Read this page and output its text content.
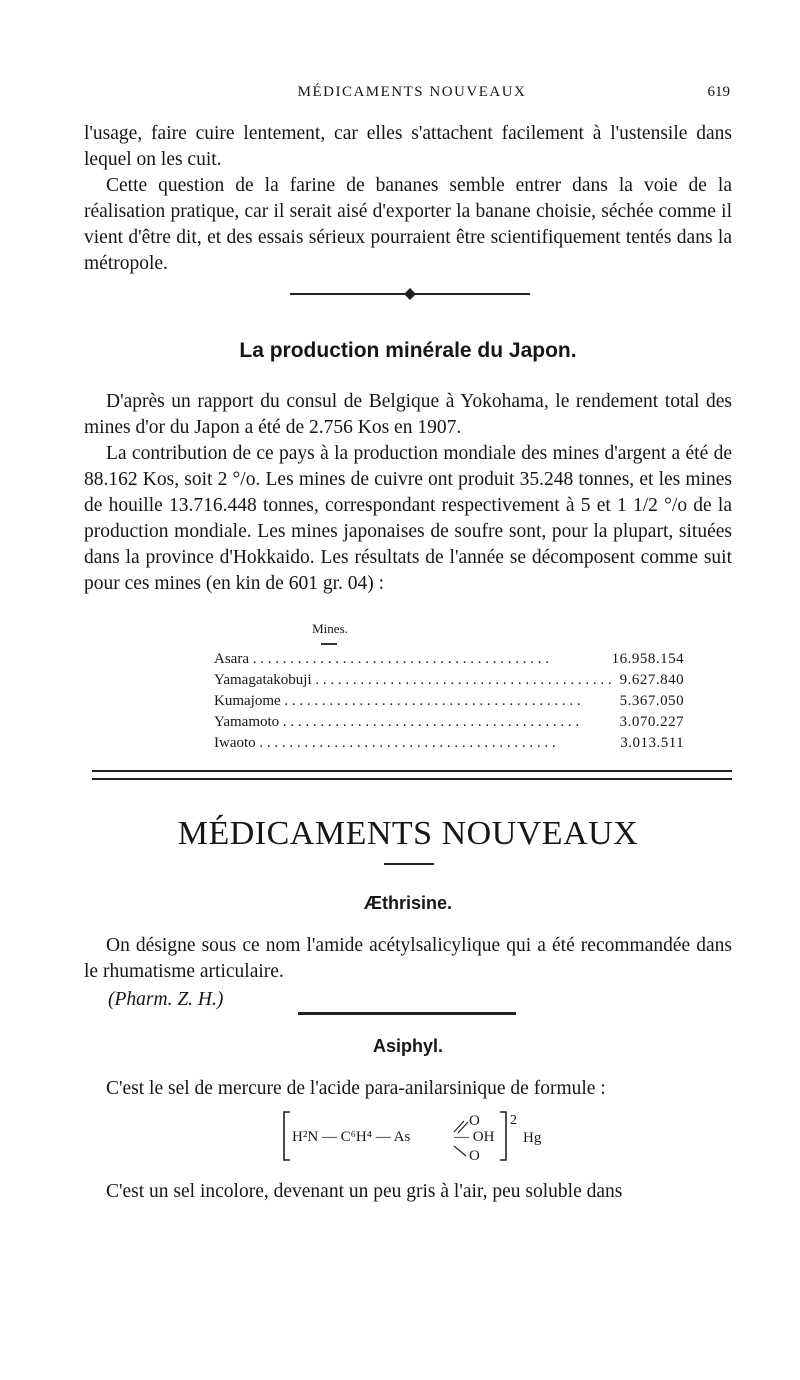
MÉDICAMENTS NOUVEAUX	619

l'usage, faire cuire lentement, car elles s'attachent facilement à l'ustensile dans lequel on les cuit.

Cette question de la farine de bananes semble entrer dans la voie de la réalisation pratique, car il serait aisé d'exporter la banane choisie, séchée comme il vient d'être dit, et des essais sérieux pourraient être scientifiquement tentés dans la métropole.

La production minérale du Japon.

D'après un rapport du consul de Belgique à Yokohama, le rendement total des mines d'or du Japon a été de 2.756 Kos en 1907.

La contribution de ce pays à la production mondiale des mines d'argent a été de 88.162 Kos, soit 2 °/o. Les mines de cuivre ont produit 35.248 tonnes, et les mines de houille 13.716.448 tonnes, correspondant respectivement à 5 et 1 1/2 °/o de la production mondiale. Les mines japonaises de soufre sont, pour la plupart, situées dans la province d'Hokkaido. Les résultats de l'année se décomposent comme suit pour ces mines (en kin de 601 gr. 04) :

Mines.
Asara . . . . . . . . . . . . . . . . . . . . . . . . . . . . . . . . . . . . . . . .	16.958.154
Yamagatakobuji . . . . . . . . . . . . . . . . . . . . . . . . . . . . . . . . . . . . . . . .	9.627.840
Kumajome . . . . . . . . . . . . . . . . . . . . . . . . . . . . . . . . . . . . . . . .	5.367.050
Yamamoto . . . . . . . . . . . . . . . . . . . . . . . . . . . . . . . . . . . . . . . .	3.070.227
Iwaoto . . . . . . . . . . . . . . . . . . . . . . . . . . . . . . . . . . . . . . . .	3.013.511
MÉDICAMENTS NOUVEAUX
Æthrisine.

On désigne sous ce nom l'amide acétylsalicylique qui a été recommandée dans le rhumatisme articulaire.

(Pharm. Z. H.)
Asiphyl.

C'est le sel de mercure de l'acide para-anilarsinique de formule :

H²N — C⁶H⁴ — As
O
— OH
O
2
Hg

C'est un sel incolore, devenant un peu gris à l'air, peu soluble dans
